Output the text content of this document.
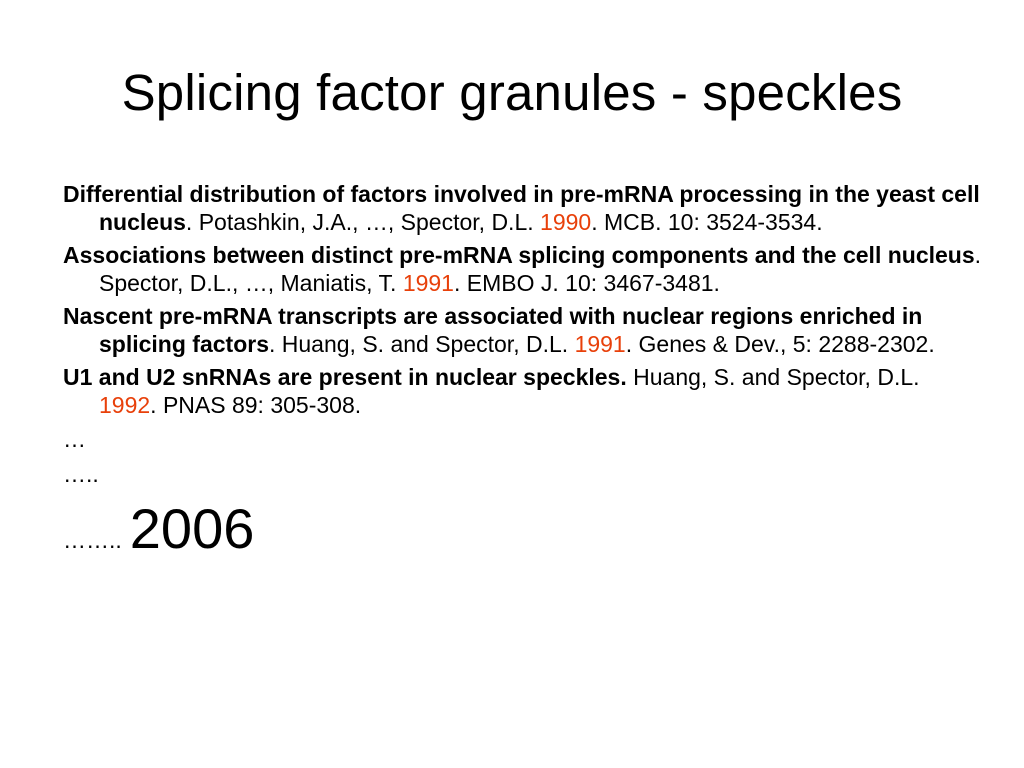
Splicing factor granules - speckles

Differential distribution of factors involved in pre-mRNA processing in the yeast cell nucleus. Potashkin, J.A., …, Spector, D.L. 1990. MCB. 10: 3524-3534.

Associations between distinct pre-mRNA splicing components and the cell nucleus. Spector, D.L., …, Maniatis, T. 1991. EMBO J. 10: 3467-3481.

Nascent pre-mRNA transcripts are associated with nuclear regions enriched in splicing factors. Huang, S. and Spector, D.L. 1991. Genes & Dev., 5: 2288-2302.

U1 and U2 snRNAs are present in nuclear speckles. Huang, S. and Spector, D.L. 1992. PNAS 89: 305-308.

…

…..

…….. 2006
